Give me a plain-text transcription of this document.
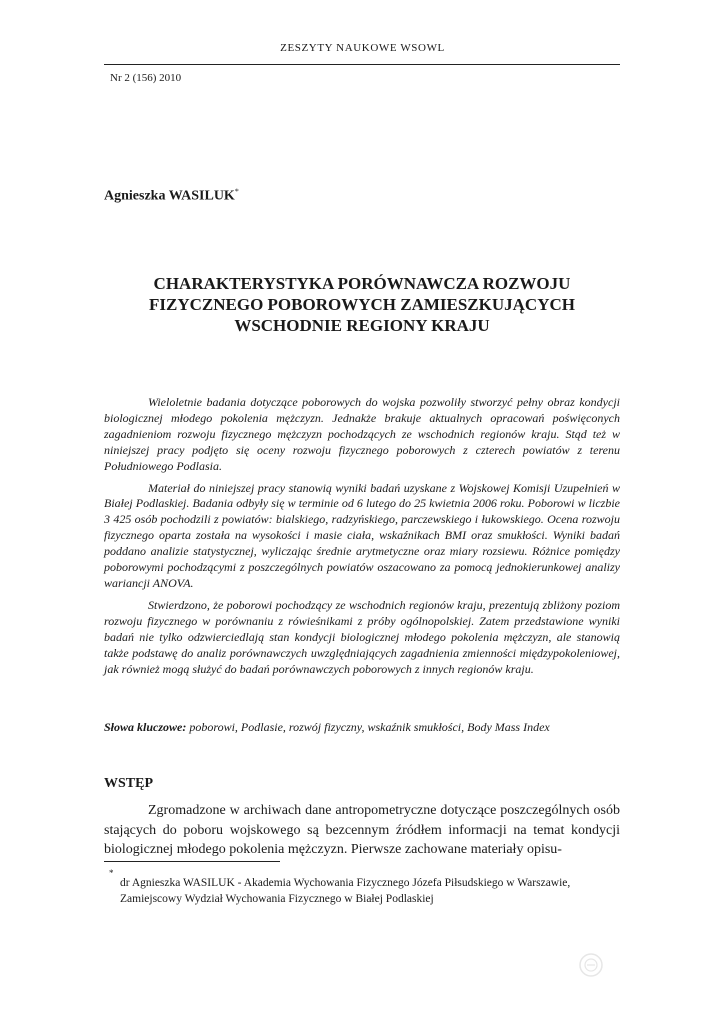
ZESZYTY NAUKOWE WSOWL
Nr 2 (156) 2010
Agnieszka WASILUK*
CHARAKTERYSTYKA PORÓWNAWCZA ROZWOJU
FIZYCZNEGO POBOROWYCH ZAMIESZKUJĄCYCH
WSCHODNIE REGIONY KRAJU

Wieloletnie badania dotyczące poborowych do wojska pozwoliły stworzyć pełny obraz kondycji biologicznej młodego pokolenia mężczyzn. Jednakże brakuje aktualnych opracowań poświęconych zagadnieniom rozwoju fizycznego mężczyzn pochodzących ze wschodnich regionów kraju. Stąd też w niniejszej pracy podjęto się oceny rozwoju fizycznego poborowych z czterech powiatów z terenu Południowego Podlasia.

Materiał do niniejszej pracy stanowią wyniki badań uzyskane z Wojskowej Komisji Uzupełnień w Białej Podlaskiej. Badania odbyły się w terminie od 6 lutego do 25 kwietnia 2006 roku. Poborowi w liczbie 3 425 osób pochodzili z powiatów: bialskiego, radzyńskiego, parczewskiego i łukowskiego. Ocena rozwoju fizycznego oparta została na wysokości i masie ciała, wskaźnikach BMI oraz smukłości. Wyniki badań poddano analizie statystycznej, wyliczając średnie arytmetyczne oraz miary rozsiewu. Różnice pomiędzy poborowymi pochodzącymi z poszczególnych powiatów oszacowano za pomocą jednokierunkowej analizy wariancji ANOVA.

Stwierdzono, że poborowi pochodzący ze wschodnich regionów kraju, prezentują zbliżony poziom rozwoju fizycznego w porównaniu z rówieśnikami z próby ogólnopolskiej. Zatem przedstawione wyniki badań nie tylko odzwierciedlają stan kondycji biologicznej młodego pokolenia mężczyzn, ale stanowią także podstawę do analiz porównawczych uwzględniających zagadnienia zmienności międzypokoleniowej, jak również mogą służyć do badań porównawczych poborowych z innych regionów kraju.

Słowa kluczowe: poborowi, Podlasie, rozwój fizyczny, wskaźnik smukłości, Body Mass Index
WSTĘP

Zgromadzone w archiwach dane antropometryczne dotyczące poszczególnych osób stających do poboru wojskowego są bezcennym źródłem informacji na temat kondycji biologicznej młodego pokolenia mężczyzn. Pierwsze zachowane materiały opisu-

*
dr Agnieszka WASILUK - Akademia Wychowania Fizycznego Józefa Piłsudskiego w Warszawie,
Zamiejscowy Wydział Wychowania Fizycznego w Białej Podlaskiej
